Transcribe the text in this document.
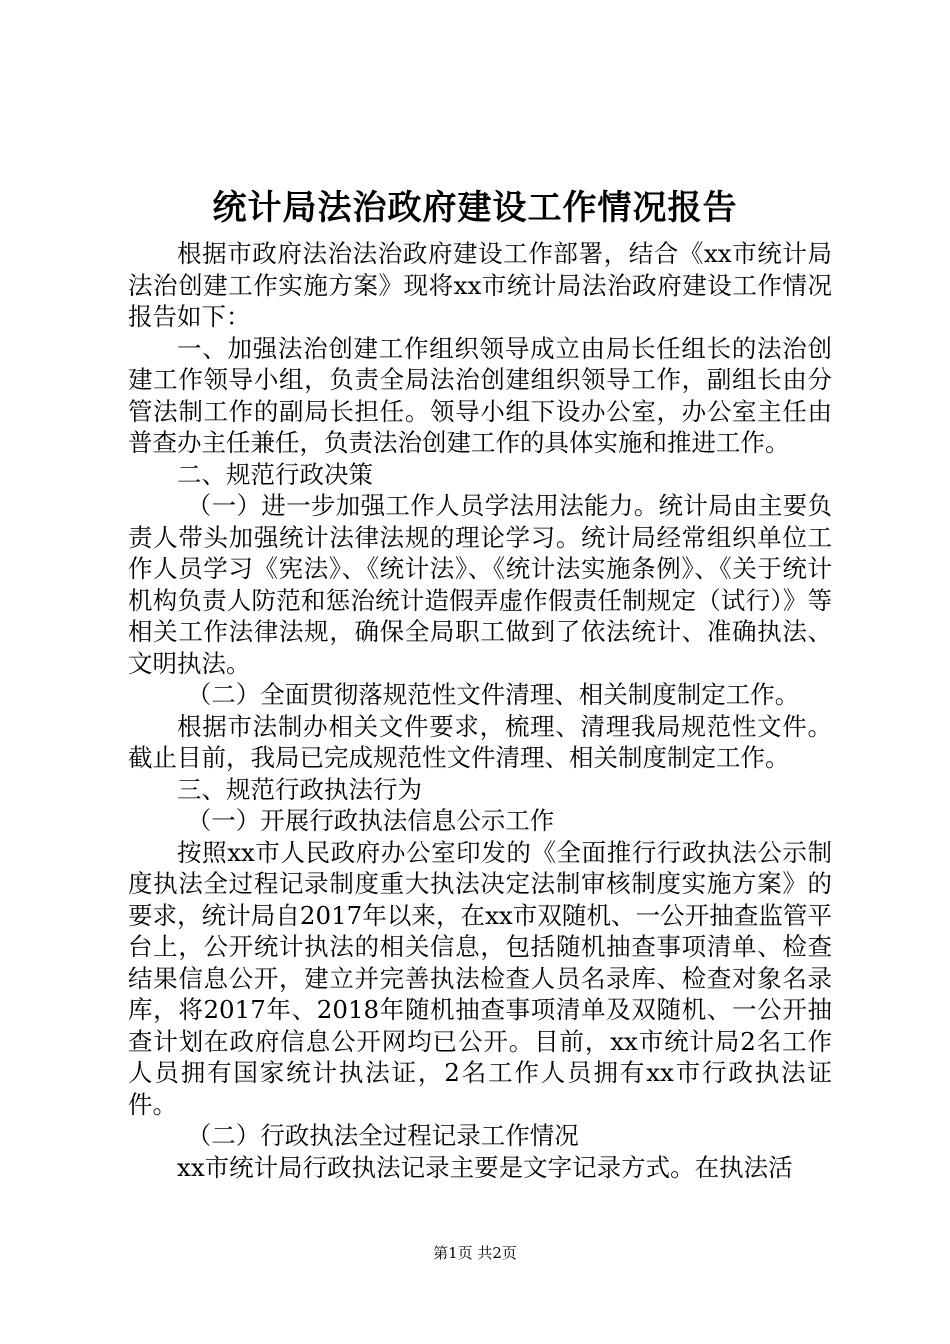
统计局法治政府建设工作情况报告

根据市政府法治法治政府建设工作部署，结合《xx市统计局法治创建工作实施方案》现将xx市统计局法治政府建设工作情况报告如下：

一、加强法治创建工作组织领导成立由局长任组长的法治创建工作领导小组，负责全局法治创建组织领导工作，副组长由分管法制工作的副局长担任。领导小组下设办公室，办公室主任由普查办主任兼任，负责法治创建工作的具体实施和推进工作。

二、规范行政决策

（一）进一步加强工作人员学法用法能力。统计局由主要负责人带头加强统计法律法规的理论学习。统计局经常组织单位工作人员学习《宪法》、《统计法》、《统计法实施条例》、《关于统计机构负责人防范和惩治统计造假弄虚作假责任制规定（试行）》等相关工作法律法规，确保全局职工做到了依法统计、准确执法、文明执法。

（二）全面贯彻落规范性文件清理、相关制度制定工作。

根据市法制办相关文件要求，梳理、清理我局规范性文件。截止目前，我局已完成规范性文件清理、相关制度制定工作。

三、规范行政执法行为

（一）开展行政执法信息公示工作

按照xx市人民政府办公室印发的《全面推行行政执法公示制度执法全过程记录制度重大执法决定法制审核制度实施方案》的要求，统计局自2017年以来，在xx市双随机、一公开抽查监管平台上，公开统计执法的相关信息，包括随机抽查事项清单、检查结果信息公开，建立并完善执法检查人员名录库、检查对象名录库，将2017年、2018年随机抽查事项清单及双随机、一公开抽查计划在政府信息公开网均已公开。目前，xx市统计局2名工作人员拥有国家统计执法证，2名工作人员拥有xx市行政执法证件。

（二）行政执法全过程记录工作情况

xx市统计局行政执法记录主要是文字记录方式。在执法活

第1页 共2页
